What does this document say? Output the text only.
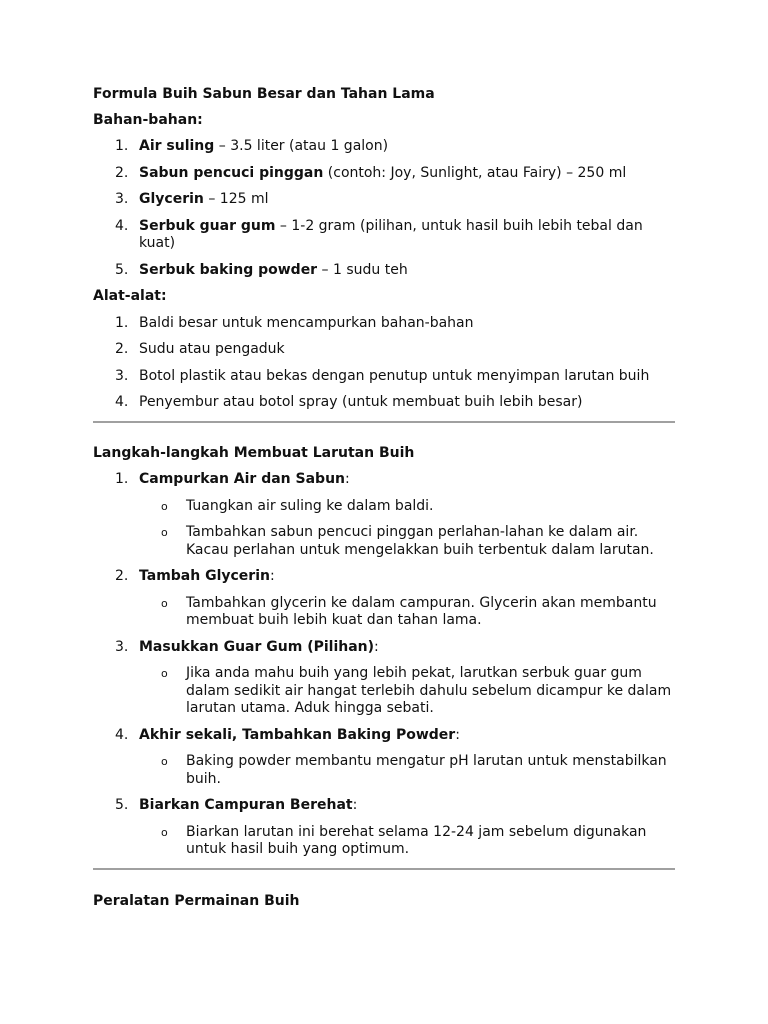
Formula Buih Sabun Besar dan Tahan Lama

Bahan-bahan:

1. Air suling – 3.5 liter (atau 1 galon)
2. Sabun pencuci pinggan (contoh: Joy, Sunlight, atau Fairy) – 250 ml
3. Glycerin – 125 ml
4. Serbuk guar gum – 1-2 gram (pilihan, untuk hasil buih lebih tebal dan kuat)
5. Serbuk baking powder – 1 sudu teh

Alat-alat:

1. Baldi besar untuk mencampurkan bahan-bahan
2. Sudu atau pengaduk
3. Botol plastik atau bekas dengan penutup untuk menyimpan larutan buih
4. Penyembur atau botol spray (untuk membuat buih lebih besar)

Langkah-langkah Membuat Larutan Buih

1. Campurkan Air dan Sabun:
o Tuangkan air suling ke dalam baldi.
o Tambahkan sabun pencuci pinggan perlahan-lahan ke dalam air. Kacau perlahan untuk mengelakkan buih terbentuk dalam larutan.
2. Tambah Glycerin:
o Tambahkan glycerin ke dalam campuran. Glycerin akan membantu membuat buih lebih kuat dan tahan lama.
3. Masukkan Guar Gum (Pilihan):
o Jika anda mahu buih yang lebih pekat, larutkan serbuk guar gum dalam sedikit air hangat terlebih dahulu sebelum dicampur ke dalam larutan utama. Aduk hingga sebati.
4. Akhir sekali, Tambahkan Baking Powder:
o Baking powder membantu mengatur pH larutan untuk menstabilkan buih.
5. Biarkan Campuran Berehat:
o Biarkan larutan ini berehat selama 12-24 jam sebelum digunakan untuk hasil buih yang optimum.

Peralatan Permainan Buih
